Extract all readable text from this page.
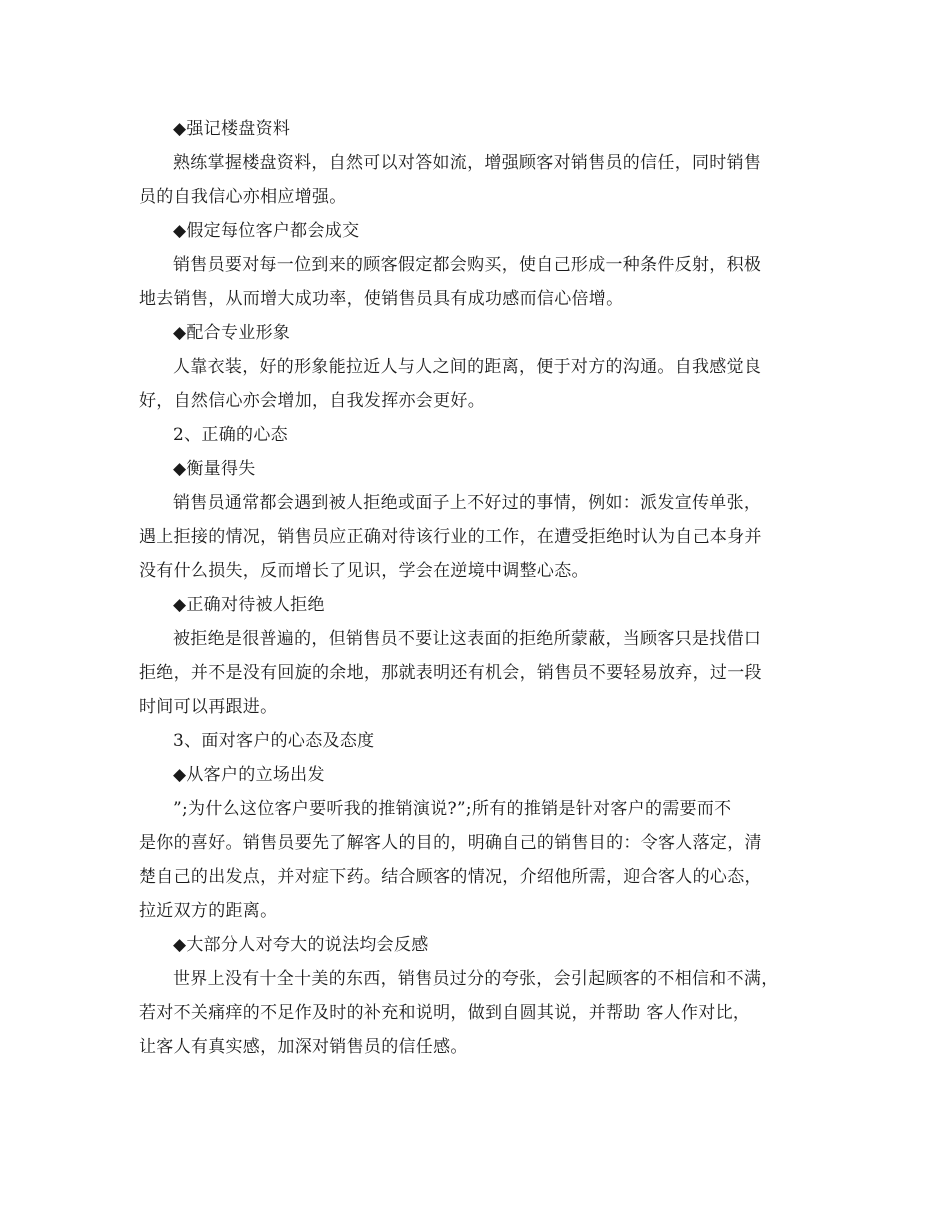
◆强记楼盘资料

熟练掌握楼盘资料，自然可以对答如流，增强顾客对销售员的信任，同时销售

员的自我信心亦相应增强。

◆假定每位客户都会成交

销售员要对每一位到来的顾客假定都会购买，使自己形成一种条件反射，积极

地去销售，从而增大成功率，使销售员具有成功感而信心倍增。

◆配合专业形象

人靠衣装，好的形象能拉近人与人之间的距离，便于对方的沟通。自我感觉良

好，自然信心亦会增加，自我发挥亦会更好。

2、正确的心态

◆衡量得失

销售员通常都会遇到被人拒绝或面子上不好过的事情，例如：派发宣传单张，

遇上拒接的情况，销售员应正确对待该行业的工作，在遭受拒绝时认为自己本身并

没有什么损失，反而增长了见识，学会在逆境中调整心态。

◆正确对待被人拒绝

被拒绝是很普遍的，但销售员不要让这表面的拒绝所蒙蔽，当顾客只是找借口

拒绝，并不是没有回旋的余地，那就表明还有机会，销售员不要轻易放弃，过一段

时间可以再跟进。

3、面对客户的心态及态度

◆从客户的立场出发

”;为什么这位客户要听我的推销演说?”;所有的推销是针对客户的需要而不

是你的喜好。销售员要先了解客人的目的，明确自己的销售目的：令客人落定，清

楚自己的出发点，并对症下药。结合顾客的情况，介绍他所需，迎合客人的心态，

拉近双方的距离。

◆大部分人对夸大的说法均会反感

世界上没有十全十美的东西，销售员过分的夸张，会引起顾客的不相信和不满，

若对不关痛痒的不足作及时的补充和说明，做到自圆其说，并帮助 客人作对比，

让客人有真实感，加深对销售员的信任感。
